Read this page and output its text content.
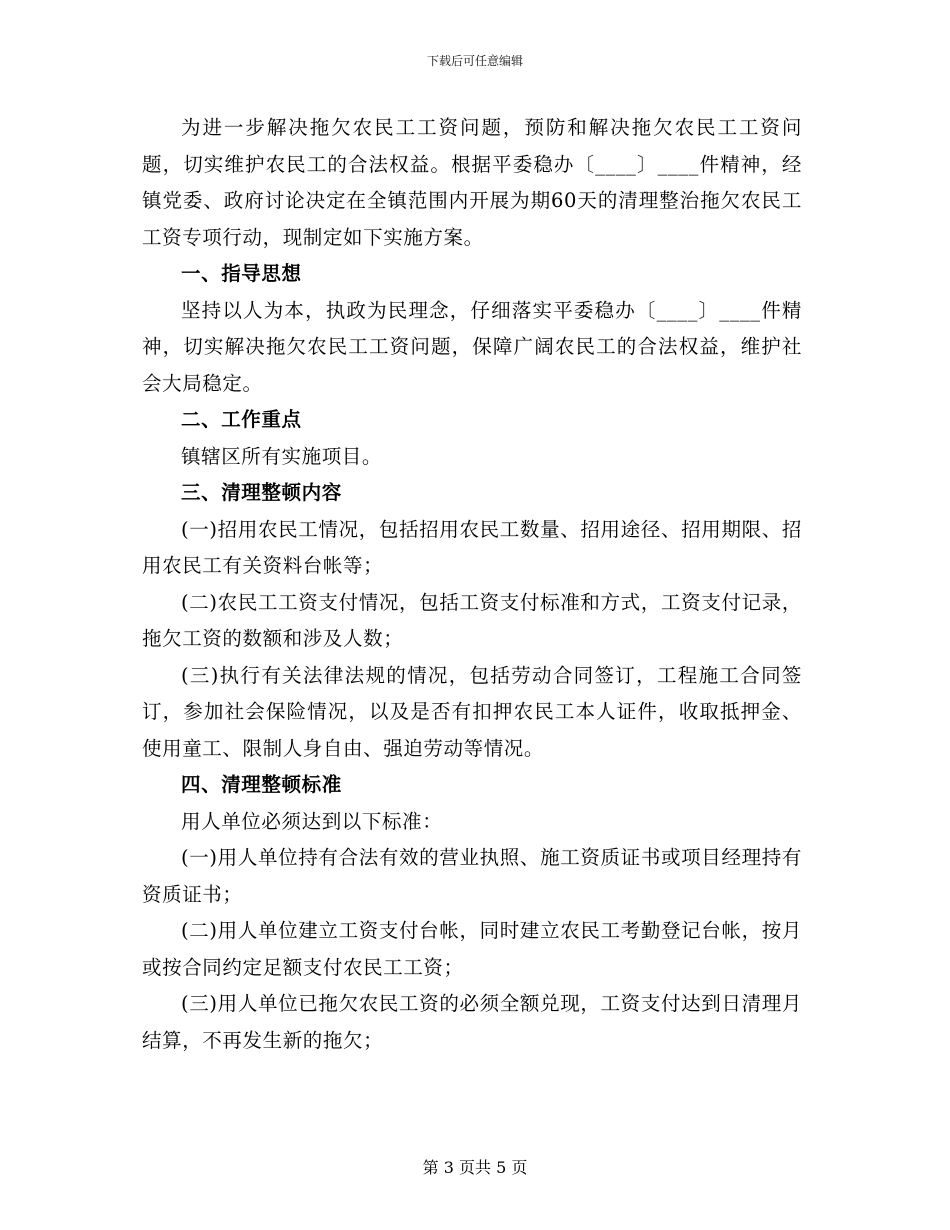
下载后可任意编辑

为进一步解决拖欠农民工工资问题，预防和解决拖欠农民工工资问题，切实维护农民工的合法权益。根据平委稳办〔____〕____件精神，经镇党委、政府讨论决定在全镇范围内开展为期60天的清理整治拖欠农民工工资专项行动，现制定如下实施方案。

一、指导思想

坚持以人为本，执政为民理念，仔细落实平委稳办〔____〕____件精神，切实解决拖欠农民工工资问题，保障广阔农民工的合法权益，维护社会大局稳定。

二、工作重点

镇辖区所有实施项目。

三、清理整顿内容

(一)招用农民工情况，包括招用农民工数量、招用途径、招用期限、招用农民工有关资料台帐等；

(二)农民工工资支付情况，包括工资支付标准和方式，工资支付记录，拖欠工资的数额和涉及人数；

(三)执行有关法律法规的情况，包括劳动合同签订，工程施工合同签订，参加社会保险情况，以及是否有扣押农民工本人证件，收取抵押金、使用童工、限制人身自由、强迫劳动等情况。

四、清理整顿标准

用人单位必须达到以下标准：

(一)用人单位持有合法有效的营业执照、施工资质证书或项目经理持有资质证书；

(二)用人单位建立工资支付台帐，同时建立农民工考勤登记台帐，按月或按合同约定足额支付农民工工资；

(三)用人单位已拖欠农民工资的必须全额兑现，工资支付达到日清理月结算，不再发生新的拖欠；

第 3 页共 5 页
